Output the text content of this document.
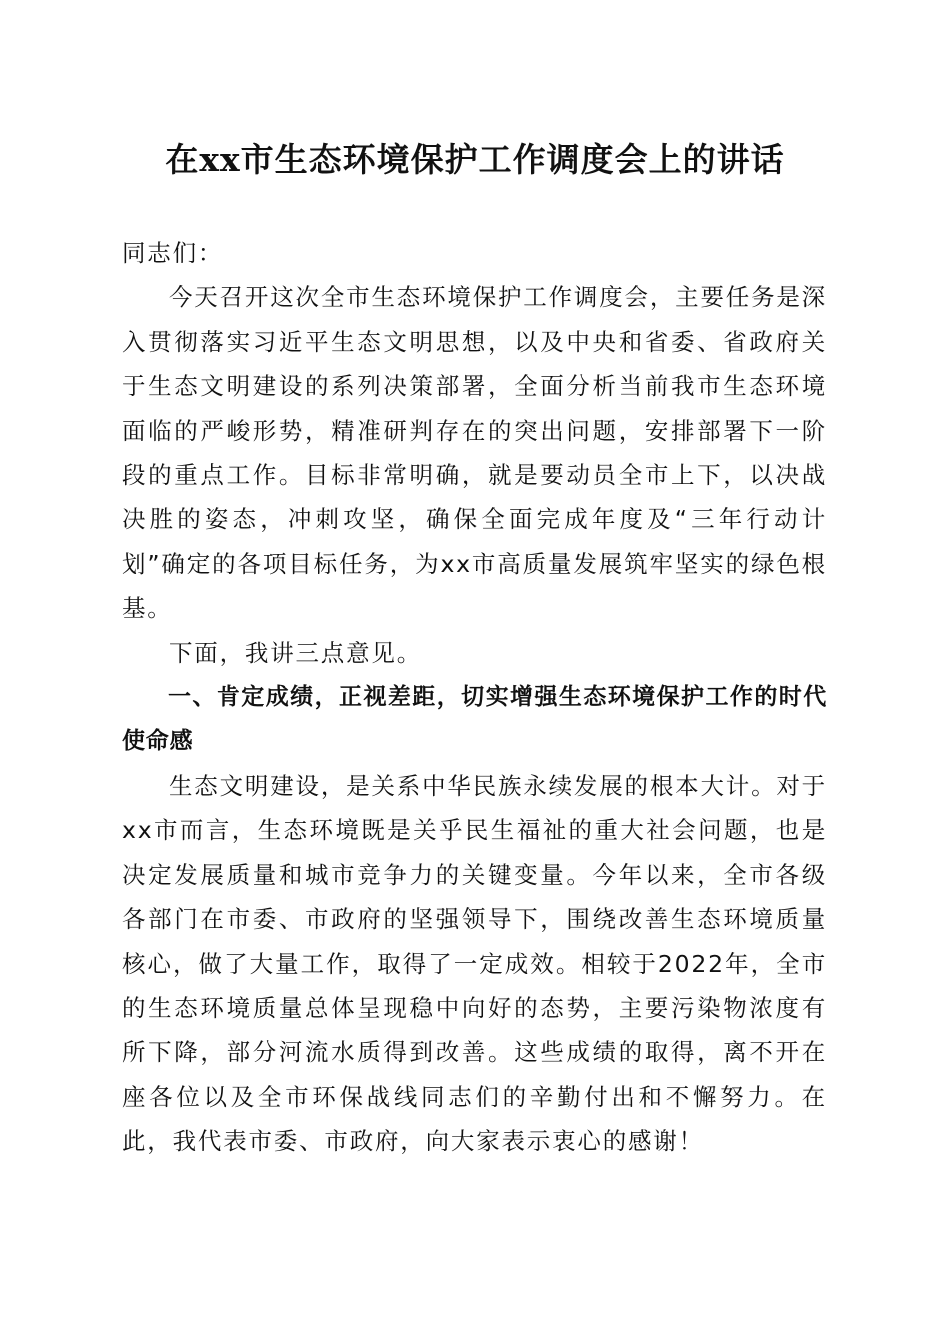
在xx市生态环境保护工作调度会上的讲话

同志们：

今天召开这次全市生态环境保护工作调度会，主要任务是深入贯彻落实习近平生态文明思想，以及中央和省委、省政府关于生态文明建设的系列决策部署，全面分析当前我市生态环境面临的严峻形势，精准研判存在的突出问题，安排部署下一阶段的重点工作。目标非常明确，就是要动员全市上下，以决战决胜的姿态，冲刺攻坚，确保全面完成年度及“三年行动计划”确定的各项目标任务，为xx市高质量发展筑牢坚实的绿色根基。

下面，我讲三点意见。

一、肯定成绩，正视差距，切实增强生态环境保护工作的时代使命感

生态文明建设，是关系中华民族永续发展的根本大计。对于xx市而言，生态环境既是关乎民生福祉的重大社会问题，也是决定发展质量和城市竞争力的关键变量。今年以来，全市各级各部门在市委、市政府的坚强领导下，围绕改善生态环境质量核心，做了大量工作，取得了一定成效。相较于2022年，全市的生态环境质量总体呈现稳中向好的态势，主要污染物浓度有所下降，部分河流水质得到改善。这些成绩的取得，离不开在座各位以及全市环保战线同志们的辛勤付出和不懈努力。在此，我代表市委、市政府，向大家表示衷心的感谢！
